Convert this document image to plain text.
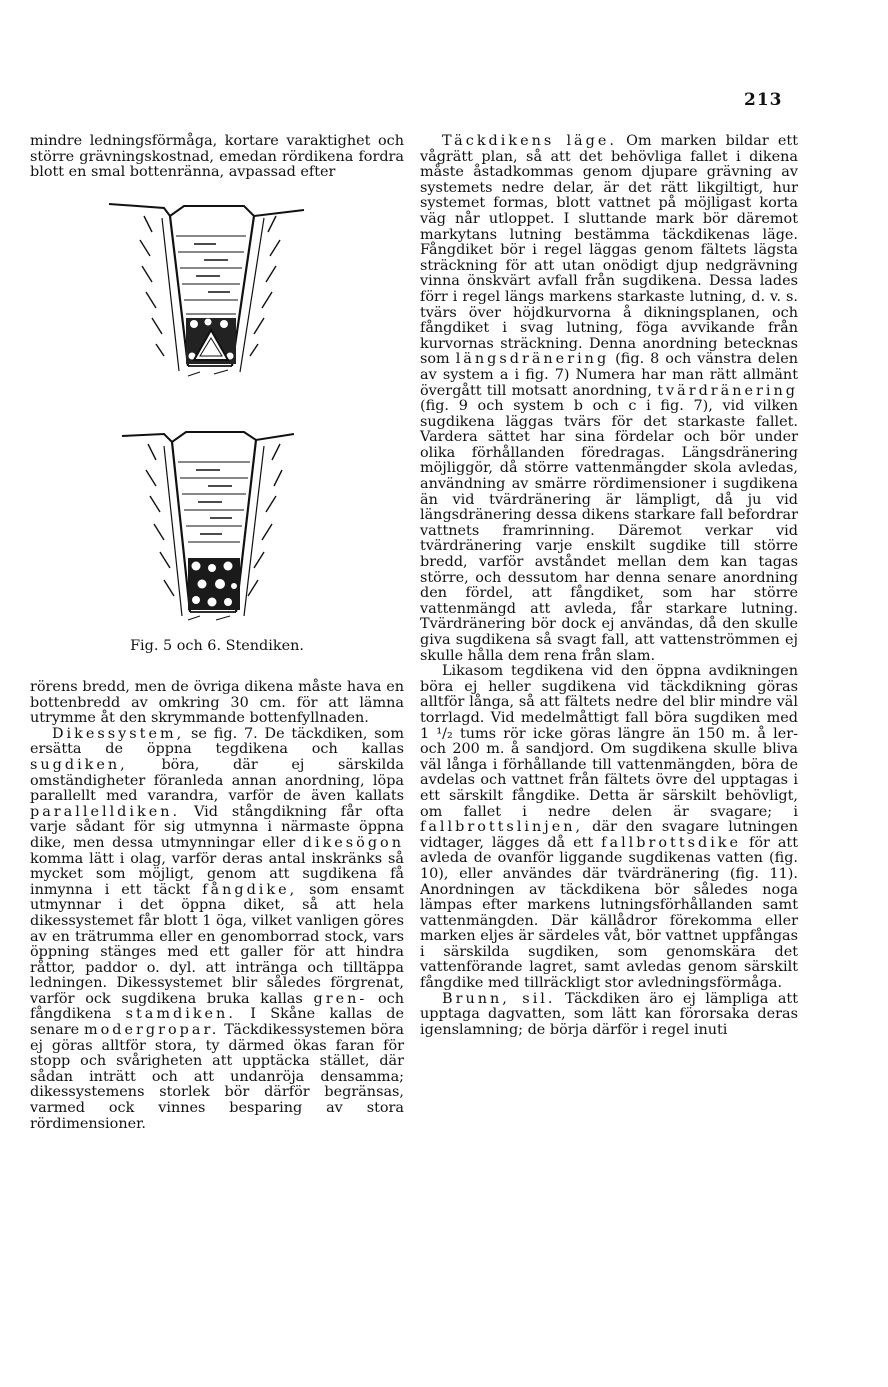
213

mindre ledningsförmåga, kortare varaktighet och större grävningskostnad, emedan rördikena fordra blott en smal bottenränna, avpassad efter

Fig. 5 och 6. Stendiken.

rörens bredd, men de övriga dikena måste hava en bottenbredd av omkring 30 cm. för att lämna utrymme åt den skrymmande bottenfyllnaden.

Dikessystem, se fig. 7. De täckdiken, som ersätta de öppna tegdikena och kallas sugdiken, böra, där ej särskilda omständigheter föranleda annan anordning, löpa parallellt med varandra, varför de även kallats parallelldiken. Vid stångdikning får ofta varje sådant för sig utmynna i närmaste öppna dike, men dessa utmynningar eller dikesögon komma lätt i olag, varför deras antal inskränks så mycket som möjligt, genom att sugdikena få inmynna i ett täckt fångdike, som ensamt utmynnar i det öppna diket, så att hela dikessystemet får blott 1 öga, vilket vanligen göres av en trätrumma eller en genomborrad stock, vars öppning stänges med ett galler för att hindra råttor, paddor o. dyl. att intränga och tilltäppa ledningen. Dikessystemet blir således förgrenat, varför ock sugdikena bruka kallas gren- och fångdikena stamdiken. I Skåne kallas de senare modergropar. Täckdikessystemen böra ej göras alltför stora, ty därmed ökas faran för stopp och svårigheten att upptäcka stället, där sådan inträtt och att undanröja densamma; dikessystemens storlek bör därför begränsas, varmed ock vinnes besparing av stora rördimensioner.

Täckdikens läge. Om marken bildar ett vågrätt plan, så att det behövliga fallet i dikena måste åstadkommas genom djupare grävning av systemets nedre delar, är det rätt likgiltigt, hur systemet formas, blott vattnet på möjligast korta väg når utloppet. I sluttande mark bör däremot markytans lutning bestämma täckdikenas läge. Fångdiket bör i regel läggas genom fältets lägsta sträckning för att utan onödigt djup nedgrävning vinna önskvärt avfall från sugdikena. Dessa lades förr i regel längs markens starkaste lutning, d. v. s. tvärs över höjdkurvorna å dikningsplanen, och fångdiket i svag lutning, föga avvikande från kurvornas sträckning. Denna anordning betecknas som längsdränering (fig. 8 och vänstra delen av system a i fig. 7) Numera har man rätt allmänt övergått till motsatt anordning, tvärdränering (fig. 9 och system b och c i fig. 7), vid vilken sugdikena läggas tvärs för det starkaste fallet. Vardera sättet har sina fördelar och bör under olika förhållanden föredragas. Längsdränering möjliggör, då större vattenmängder skola avledas, användning av smärre rördimensioner i sugdikena än vid tvärdränering är lämpligt, då ju vid längsdränering dessa dikens starkare fall befordrar vattnets framrinning. Däremot verkar vid tvärdränering varje enskilt sugdike till större bredd, varför avståndet mellan dem kan tagas större, och dessutom har denna senare anordning den fördel, att fångdiket, som har större vattenmängd att avleda, får starkare lutning. Tvärdränering bör dock ej användas, då den skulle giva sugdikena så svagt fall, att vattenströmmen ej skulle hålla dem rena från slam.

Likasom tegdikena vid den öppna avdikningen böra ej heller sugdikena vid täckdikning göras alltför långa, så att fältets nedre del blir mindre väl torrlagd. Vid medelmåttigt fall böra sugdiken med 1 ¹/₂ tums rör icke göras längre än 150 m. å ler- och 200 m. å sandjord. Om sugdikena skulle bliva väl långa i förhållande till vattenmängden, böra de avdelas och vattnet från fältets övre del upptagas i ett särskilt fångdike. Detta är särskilt behövligt, om fallet i nedre delen är svagare; i fallbrottslinjen, där den svagare lutningen vidtager, lägges då ett fallbrottsdike för att avleda de ovanför liggande sugdikenas vatten (fig. 10), eller användes där tvärdränering (fig. 11). Anordningen av täckdikena bör således noga lämpas efter markens lutningsförhållanden samt vattenmängden. Där källådror förekomma eller marken eljes är särdeles våt, bör vattnet uppfångas i särskilda sugdiken, som genomskära det vattenförande lagret, samt avledas genom särskilt fångdike med tillräckligt stor avledningsförmåga.

Brunn, sil. Täckdiken äro ej lämpliga att upptaga dagvatten, som lätt kan förorsaka deras igenslamning; de börja därför i regel inuti
